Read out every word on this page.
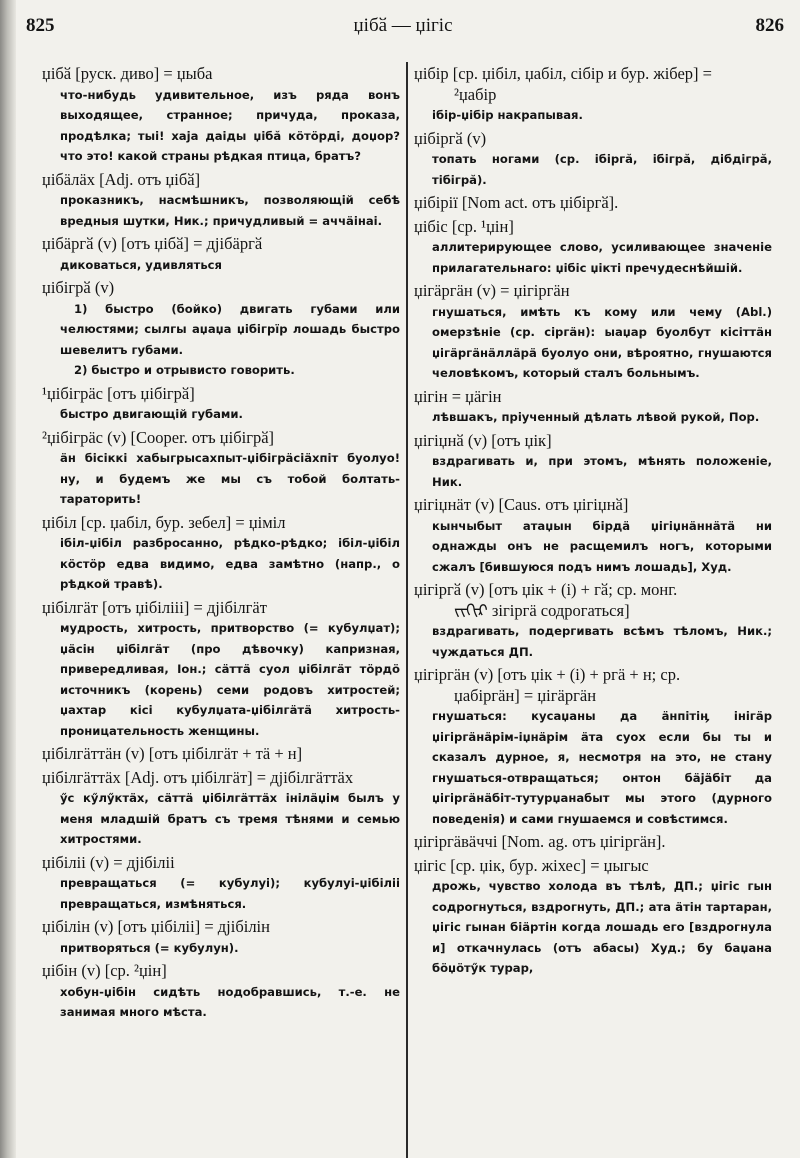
825	џiбӑ — џiгiс	826

џiбӑ [руск. диво] = џыба

что-нибудь удивительное, изъ ряда вонъ выходящее, странное; причуда, проказа, продѣлка; тыi! хаја даiды џiбӑ кöтöрдi, доџор? что это! какой страны рѣдкая птица, братъ?

џiбӓлӓх [Adj. отъ џiбӑ]

проказникъ, насмѣшникъ, позволяющiй себѣ вредныя шутки, Ник.; причудливый = аччӓiнаi.

џiбӓргӑ (v) [отъ џiбӑ] = дјiбӓргӑ

диковаться, удивляться

џiбiгрӑ (v)

1) быстро (бойко) двигать губами или челюстями; сылгы аџаџа џiбiгрїр лошадь быстро шевелитъ губами.

2) быстро и отрывисто говорить.

¹џiбiгрӓс [отъ џiбiгрӑ]

быстро двигающiй губами.

²џiбiгрӓс (v) [Cooper. отъ џiбiгрӑ]

ӓн бiсiккi хабыгрысахпыт-џiбiгрӓсiӓхпiт буолуо! ну, и будемъ же мы съ тобой болтать-тараторить!

џiбiл [ср. џабiл, бур. зебел] = џiмiл

iбiл-џiбiл разбросанно, рѣдко-рѣдко; iбiл-џiбiл кöстöр едва видимо, едва замѣтно (напр., о рѣдкой травѣ).

џiбiлгӓт [отъ џiбiлiii] = дјiбiлгӓт

мудрость, хитрость, притворство (= кубулџат); џӓсiн џiбiлгӓт (про дѣвочку) капризная, привередливая, Іон.; сӓттӓ суол џiбiлгӓт тöрдö источникъ (корень) семи родовъ хитростей; џахтар кiсi кубулџата-џiбiлгӓтӓ хитрость-проницательность женщины.

џiбiлгӓттӓн (v) [отъ џiбiлгӓт + тӓ + н]

џiбiлгӓттӓх [Adj. отъ џiбiлгӓт] = дјiбiлгӓттӓх

ӳс кӳлӳктӓх, сӓттӓ џiбiлгӓттӓх iнiлӓџiм былъ у меня младшiй братъ съ тремя тѣнями и семью хитростями.

џiбiлii (v) = дјiбiлii

превращаться (= кубулуi); кубулуi-џiбiлii превращаться, измѣняться.

џiбiлiн (v) [отъ џiбiлii] = дјiбiлiн

притворяться (= кубулун).

џiбiн (v) [ср. ²џiн]

хобун-џiбiн сидѣть нодобравшись, т.-е. не занимая много мѣста.

џiбiр [ср. џiбiл, џабiл, сiбiр и бур. жiбер] =

²џабiр

iбiр-џiбiр накрапывая.

џiбiргӑ (v)

топать ногами (ср. iбiргӑ, iбiгрӑ, дiбдiгрӑ, тiбiгрӑ).

џiбiрiї [Nom act. отъ џiбiргӑ].

џiбiс [ср. ¹џiн]

аллитерирующее слово, усиливающее значенiе прилагательнаго: џiбiс џiктi пречудеснѣйшiй.

џiгӓргӓн (v) = џiгiргӓн

гнушаться, имѣть къ кому или чему (Abl.) омерзѣнiе (ср. сiргӓн): ыаџар буолбут кiсiттӓн џiгӓргӓнӓллӓрӓ буолуо они, вѣроятно, гнушаются человѣкомъ, который сталъ больнымъ.

џiгiн = џӓгiн

лѣвшакъ, прiученный дѣлать лѣвой рукой, Пор.

џiгiџнӑ (v) [отъ џiк]

вздрагивать и, при этомъ, мѣнять положенiе, Ник.

џiгiџнӓт (v) [Caus. отъ џiгiџнӑ]

кынчыбыт атаџын бiрдӓ џiгiџнӓннӓтӓ ни однажды онъ не расщемилъ ногъ, которыми сжалъ [бившуюся подъ нимъ лошадь], Худ.

џiгiргӑ (v) [отъ џiк + (i) + гӑ; ср. монг.

ᠵᠢᠭᠢᠷ зiгiргӓ содрогаться]

вздрагивать, подергивать всѣмъ тѣломъ, Ник.; чуждаться ДП.

џiгiргӓн (v) [отъ џiк + (i) + ргӓ + н; ср.

џабiргӓн] = џiгӓргӓн

гнушаться: кусаџаны да ӓнпiтiӊ iнiгӓр џiгiргӓнӓрiм-iџнӓрiм ӓта суох если бы ты и сказалъ дурное, я, несмотря на это, не стану гнушаться-отвращаться; онтон бӓјӓбiт да џiгiргӓнӓбiт-тутурџанабыт мы этого (дурного поведенiя) и сами гнушаемся и совѣстимся.

џiгiргӓвӓччi [Nom. ag. отъ џiгiргӓн].

џiгiс [ср. џiк, бур. жiхес] = џыгыс

дрожь, чувство холода въ тѣлѣ, ДП.; џiгiс гын содрогнуться, вздрогнуть, ДП.; ата ӓтiн тартаран, џiгiс гынан бiӓртiн когда лошадь его [вздрогнула и] откачнулась (отъ абасы) Худ.; бу баџана бöџöтӳк турар,
